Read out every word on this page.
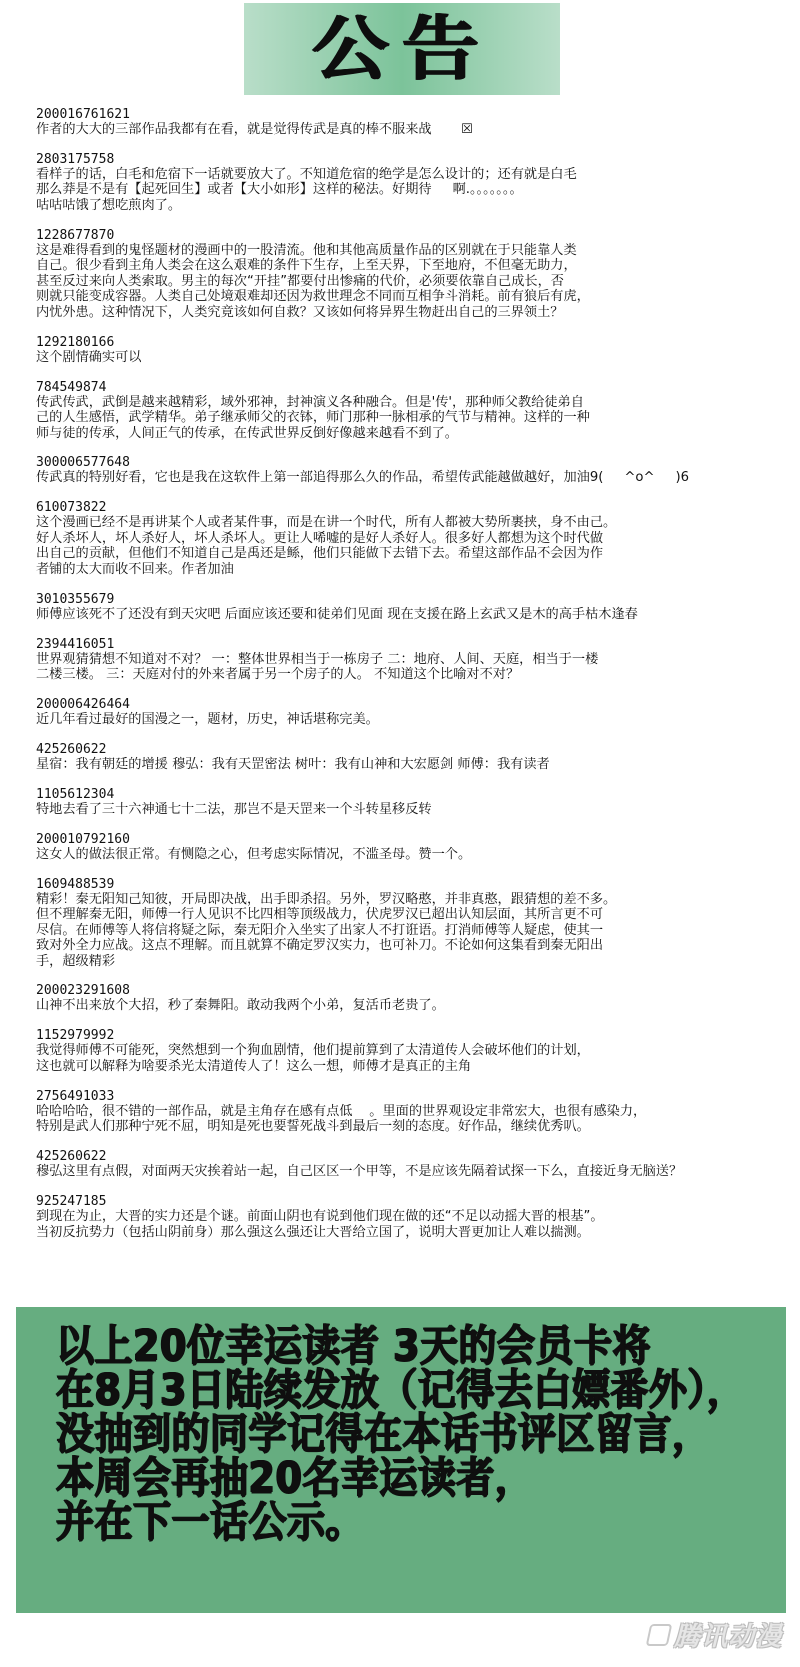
公告
200016761621
作者的大大的三部作品我都有在看，就是觉得传武是真的棒不服来战       ☒
2803175758
看样子的话，白毛和危宿下一话就要放大了。不知道危宿的绝学是怎么设计的；还有就是白毛
那么莽是不是有【起死回生】或者【大小如形】这样的秘法。好期待     啊.。。。。。。。
咕咕咕饿了想吃煎肉了。
1228677870
这是难得看到的鬼怪题材的漫画中的一股清流。他和其他高质量作品的区别就在于只能靠人类
自己。很少看到主角人类会在这么艰难的条件下生存，上至天界，下至地府，不但毫无助力，
甚至反过来向人类索取。男主的每次“开挂”都要付出惨痛的代价，必须要依靠自己成长，否
则就只能变成容器。人类自己处境艰难却还因为救世理念不同而互相争斗消耗。前有狼后有虎，
内忧外患。这种情况下，人类究竟该如何自救？又该如何将异界生物赶出自己的三界领土？
1292180166
这个剧情确实可以
784549874
传武传武，武倒是越来越精彩，域外邪神，封神演义各种融合。但是'传'，那种师父教给徒弟自
己的人生感悟，武学精华。弟子继承师父的衣钵，师门那种一脉相承的气节与精神。这样的一种
师与徒的传承，人间正气的传承，在传武世界反倒好像越来越看不到了。
300006577648
传武真的特别好看，它也是我在这软件上第一部追得那么久的作品，希望传武能越做越好，加油9(     ^o^     )6
610073822
这个漫画已经不是再讲某个人或者某件事，而是在讲一个时代，所有人都被大势所裹挟，身不由己。
好人杀坏人，坏人杀好人，坏人杀坏人。更让人唏嘘的是好人杀好人。很多好人都想为这个时代做
出自己的贡献，但他们不知道自己是禹还是鲧，他们只能做下去错下去。希望这部作品不会因为作
者铺的太大而收不回来。作者加油
3010355679
师傅应该死不了还没有到天灾吧 后面应该还要和徒弟们见面 现在支援在路上玄武又是木的高手枯木逢春
2394416051
世界观猜猜想不知道对不对？ 一：整体世界相当于一栋房子 二：地府、人间、天庭，相当于一楼
二楼三楼。 三：天庭对付的外来者属于另一个房子的人。 不知道这个比喻对不对？
200006426464
近几年看过最好的国漫之一，题材，历史，神话堪称完美。
425260622
星宿：我有朝廷的增援 穆弘：我有天罡密法 树叶：我有山神和大宏愿剑 师傅：我有读者
1105612304
特地去看了三十六神通七十二法，那岂不是天罡来一个斗转星移反转
200010792160
这女人的做法很正常。有恻隐之心，但考虑实际情况，不滥圣母。赞一个。
1609488539
精彩！秦无阳知己知彼，开局即决战，出手即杀招。另外，罗汉略憨，并非真憨，跟猜想的差不多。
但不理解秦无阳，师傅一行人见识不比四相等顶级战力，伏虎罗汉已超出认知层面，其所言更不可
尽信。在师傅等人将信将疑之际，秦无阳介入坐实了出家人不打诳语。打消师傅等人疑虑，使其一
致对外全力应战。这点不理解。而且就算不确定罗汉实力，也可补刀。不论如何这集看到秦无阳出
手，超级精彩
200023291608
山神不出来放个大招，秒了秦舞阳。敢动我两个小弟，复活币老贵了。
1152979992
我觉得师傅不可能死，突然想到一个狗血剧情，他们提前算到了太清道传人会破坏他们的计划，
这也就可以解释为啥要杀光太清道传人了！这么一想，师傅才是真正的主角
2756491033
哈哈哈哈，很不错的一部作品，就是主角存在感有点低    。里面的世界观设定非常宏大，也很有感染力，
特别是武人们那种宁死不屈，明知是死也要誓死战斗到最后一刻的态度。好作品，继续优秀叭。
425260622
穆弘这里有点假，对面两天灾挨着站一起，自己区区一个甲等，不是应该先隔着试探一下么，直接近身无脑送？
925247185
到现在为止，大晋的实力还是个谜。前面山阴也有说到他们现在做的还“不足以动摇大晋的根基”。
当初反抗势力（包括山阴前身）那么强这么强还让大晋给立国了，说明大晋更加让人难以揣测。
以上20位幸运读者 3天的会员卡将
在8月3日陆续发放（记得去白嫖番外），
没抽到的同学记得在本话书评区留言，
本周会再抽20名幸运读者，
并在下一话公示。
腾讯动漫
